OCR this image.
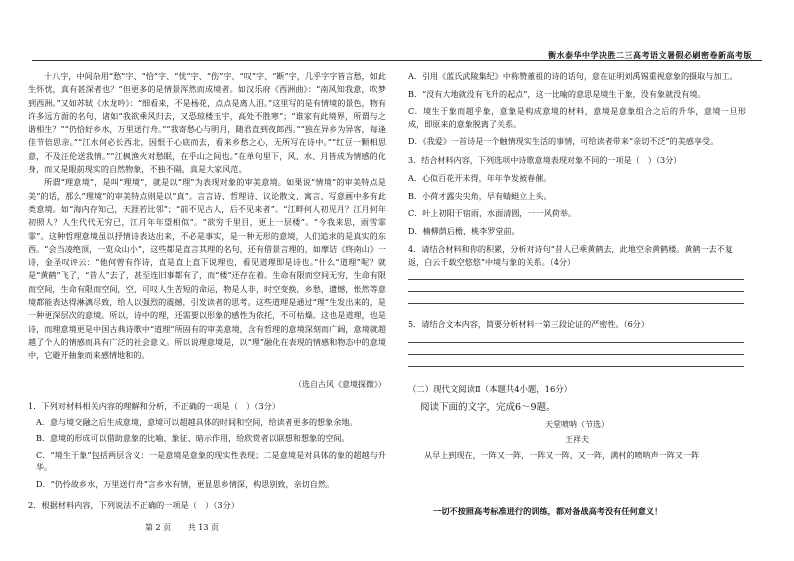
衡水泰华中学决胜二三高考语文暑假必刷密卷新高考版

十八字，中间杂用“愁”字、“恰”字、“忧”字、“伤”字、“叹”字、“断”字，几乎字字皆言愁，如此生怀忧，真有甚深者也？”但更多的是情景浑然而成境者。如汉乐府《西洲曲》：“南风知我意，吹梦到西洲。”又如苏轼《水龙吟》：“细看来，不是杨花，点点是离人泪。”这里写的是有情境的景色，物有许多远方面的名句，诸如“我欲乘风归去，又恐琼楼玉宇，高处不胜寒”；“谁家有此境界，所谓与之谐相生？”“仍恰好乡水，万里送行舟。”“我寄愁心与明月，随君直到夜郎西。”“独在异乡为异客，每逢佳节倍思亲。”“江水何必长西北，因恨于心底而去，看来乡愁之心，无所写在诗中。”“红豆一颗相思意，不及汪伦送我情。”“江枫渔火对愁眠，在乎山之间也。”在单句里下，风、水、月皆成为情感的化身，而又是眼前现实的自然物象，不独不隔，真是大家风范。

所谓“理意境”，是叫“理境”，就是以“理”为表现对象的审美意境。如果说“情境”的审美特点是美“的话，那么“理境”的审美特点则是以“真”。言言诗、哲理诗、议论散文、寓言、写意画中多有此类意境。如“海内存知己，天涯若比邻”；“前不见古人，后不见来者”。“江畔何人初见月？江月何年初照人？人生代代无穷已，江月年年望相似”。“欲穷千里目，更上一层楼”。“今我来思，雨雪霏霏”。这种哲理意境虽以抒情诗表达出来，不必是事实，是一种无形的意境，人们追求的是真实的东西。“会当凌绝顶，一览众山小”，这些都是直言其理的名句，还有借景言理的，如摩诘《终南山》一诗，金圣叹评云：“他何曾有作诗，直是直上直下说理也，看见道理即是诗也。”什么“道理”呢？就是“黄鹤”飞了，“昔人”去了，甚至连旧事都有了，而“楼”还存在着。生命有限而空间无穷，生命有限而空间，生命有限而空间，空，可叹人生苦短的命运，物是人非，时空变换，乡愁，遗憾，怅然等意境都能表达得淋漓尽致，给人以强烈的震撼，引发读者的思考。这些道理是通过“理”生发出来的，是一种更深层次的意境。所以，诗中的理，还需要以形象的感性为依托，不可枯燥。这也是道理，也是诗，而理意境更是中国古典诗歌中“道理”所固有的审美意境，含有哲理的意境深刻而广阔，意境就超越了个人的情感而具有广泛的社会意义。所以说理意境是，以“理”融化在表现的情感和物态中的意境中，它避开抽象而来感情地和的。

（选自古风《意境探微》）
1．下列对材料相关内容的理解和分析，不正确的一项是（　）（3分）
A．意与境交融之后生成意境，意境可以超越具体的时间和空间，给读者更多的想象余地。
B．意境的形成可以借助意象的比喻、象征、暗示作用，给欣赏者以联想和想象的空间。
C．“境生于象”包括两层含义：一是意境是意象的现实性表现；二是意境是对具体的象的超越与升华。
D．“仍怜故乡水，万里送行舟”言乡水有情，更显思乡情深，构思别致，亲切自然。
2．根据材料内容，下列说法不正确的一项是（　）（3分）
第 2 页 共 13 页
A．引用《蓝氏武陵集纪》中称赞董祖的诗的话句，意在证明刘禹锡重视意象的摄取与加工。
B．“没有大地就没有飞升的起点”，这一比喻的意思是境生于象，没有象就没有境。
C．境生于象而超乎象，意象是构成意境的材料，意境是意象组合之后的升华，意境一旦形成，即原来的意象脱离了关系。
D．《我爱》一首诗是一个触情现实生活的事情，可给读者带来“亲切不泛”的美感享受。
3．结合材料内容，下列选项中诗歌意境表现对象不同的一项是（　）（3分）
A．心似百花开未得，年年争发被春催。
B．小荷才露尖尖角，早有蜻蜓立上头。
C．叶上初阳干宿雨，水面清圆，一一风荷举。
D．楠柳荫后檐，桃李罗堂前。
4．请结合材料和你的积累，分析对诗句“昔人已乘黄鹤去，此地空余黄鹤楼。黄鹤一去不复返，白云千载空悠悠”中境与象的关系。（4分）
5．请结合文本内容，简要分析材料一第三段论证的严密性。（6分）
（二）现代文阅读Ⅱ（本题共4小题，16分）
阅读下面的文字，完成6～9题。
天堂喷呐（节选）
王祥夫
从早上到现在，一阵又一阵，一阵又一阵，又一阵，满村的喷呐声一阵又一阵
一切不按照高考标准进行的训练，都对备战高考没有任何意义！
